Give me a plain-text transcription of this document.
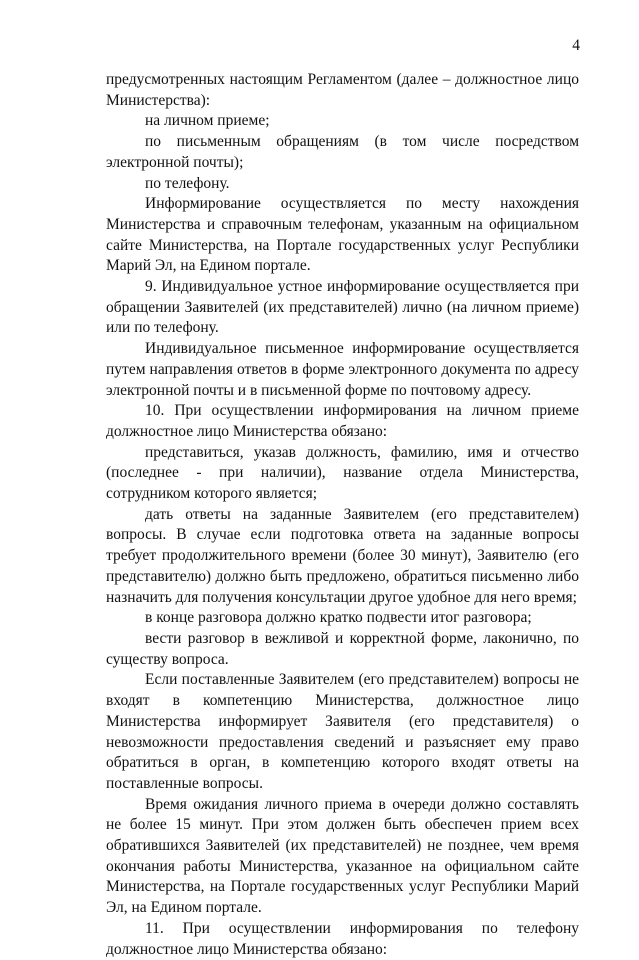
4

предусмотренных настоящим Регламентом (далее – должностное лицо Министерства):

на личном приеме;

по письменным обращениям (в том числе посредством электронной почты);

по телефону.

Информирование осуществляется по месту нахождения Министерства и справочным телефонам, указанным на официальном сайте Министерства, на Портале государственных услуг Республики Марий Эл, на Едином портале.

9. Индивидуальное устное информирование осуществляется при обращении Заявителей (их представителей) лично (на личном приеме) или по телефону.

Индивидуальное письменное информирование осуществляется путем направления ответов в форме электронного документа по адресу электронной почты и в письменной форме по почтовому адресу.

10. При осуществлении информирования на личном приеме должностное лицо Министерства обязано:

представиться, указав должность, фамилию, имя и отчество (последнее - при наличии), название отдела Министерства, сотрудником которого является;

дать ответы на заданные Заявителем (его представителем) вопросы. В случае если подготовка ответа на заданные вопросы требует продолжительного времени (более 30 минут), Заявителю (его представителю) должно быть предложено, обратиться письменно либо назначить для получения консультации другое удобное для него время;

в конце разговора должно кратко подвести итог разговора;

вести разговор в вежливой и корректной форме, лаконично, по существу вопроса.

Если поставленные Заявителем (его представителем) вопросы не входят в компетенцию Министерства, должностное лицо Министерства информирует Заявителя (его представителя) о невозможности предоставления сведений и разъясняет ему право обратиться в орган, в компетенцию которого входят ответы на поставленные вопросы.

Время ожидания личного приема в очереди должно составлять не более 15 минут. При этом должен быть обеспечен прием всех обратившихся Заявителей (их представителей) не позднее, чем время окончания работы Министерства, указанное на официальном сайте Министерства, на Портале государственных услуг Республики Марий Эл, на Едином портале.

11. При осуществлении информирования по телефону должностное лицо Министерства обязано:
